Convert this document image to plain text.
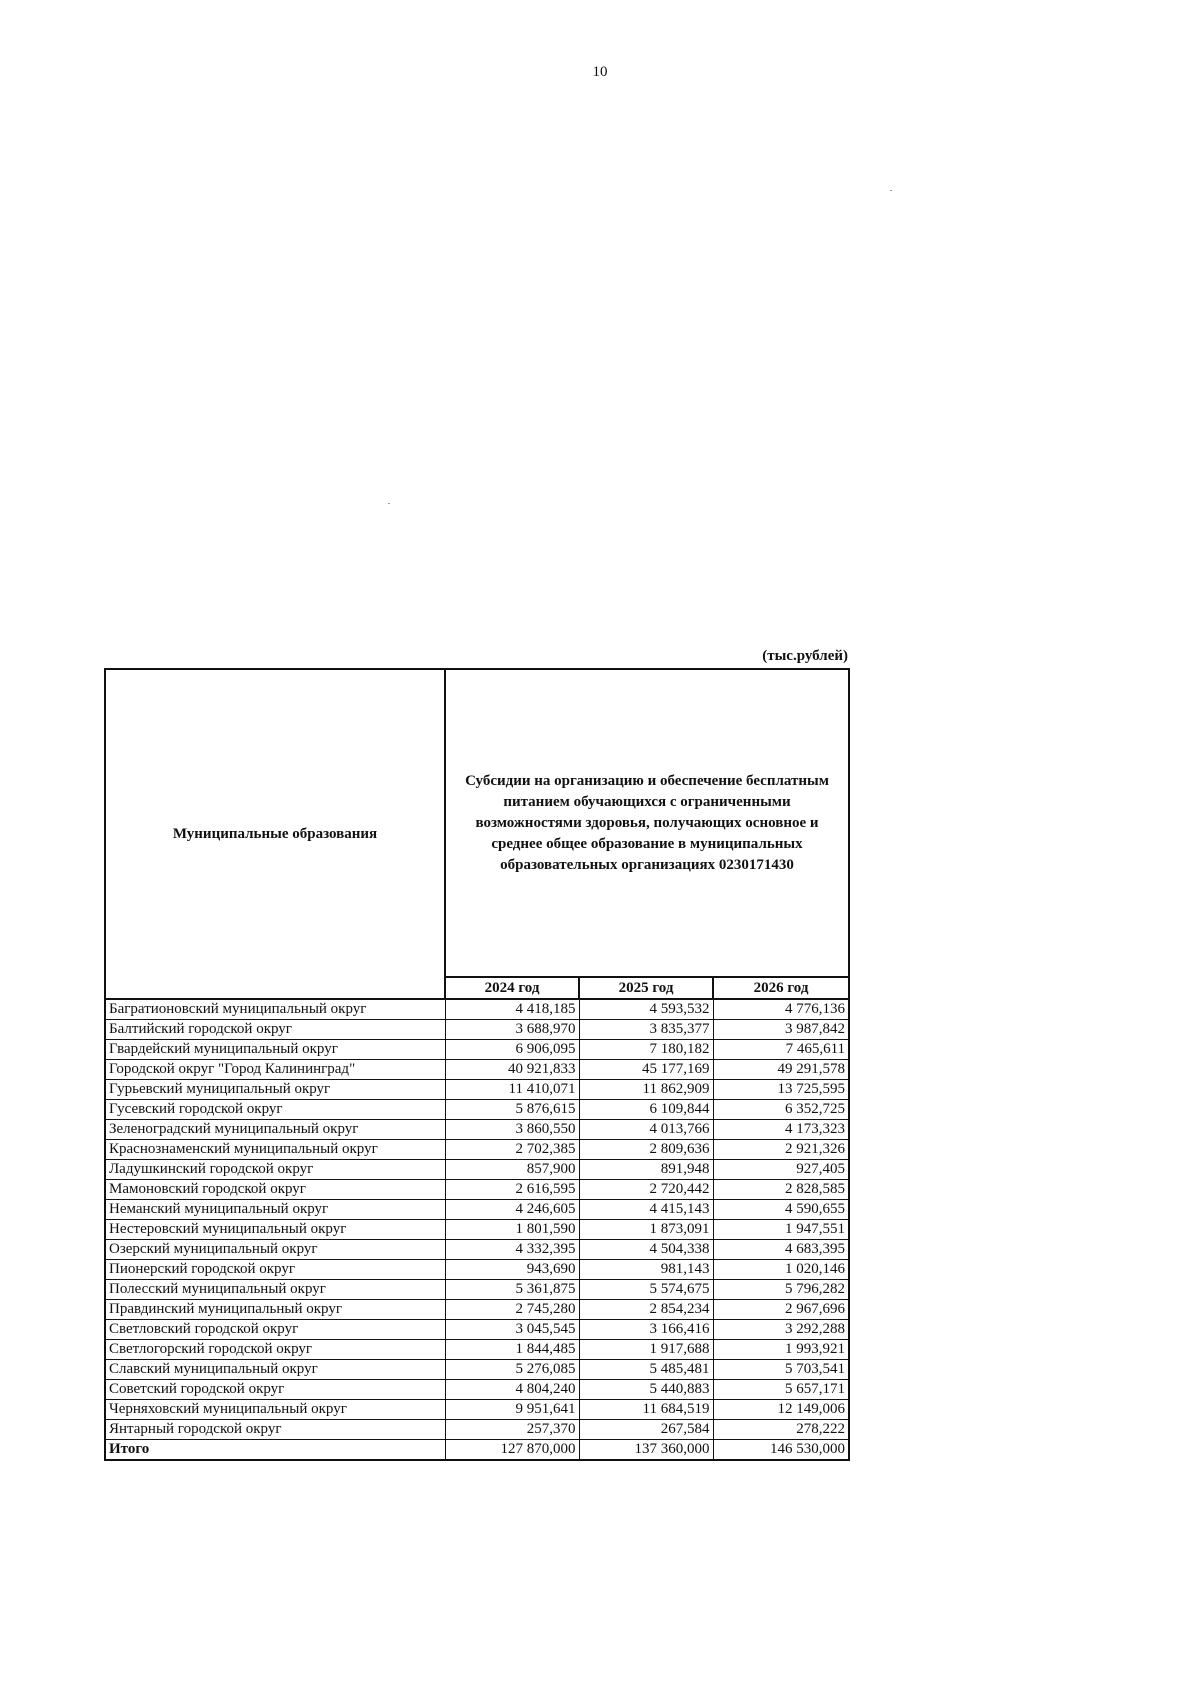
10
(тыс.рублей)
Муниципальные образования	Субсидии на организацию и обеспечение бесплатным питанием обучающихся с ограниченными возможностями здоровья, получающих основное и среднее общее образование в муниципальных образовательных организациях 0230171430		
	2024 год	2025 год	2026 год
Багратионовский муниципальный округ	4 418,185	4 593,532	4 776,136
Балтийский городской округ	3 688,970	3 835,377	3 987,842
Гвардейский муниципальный округ	6 906,095	7 180,182	7 465,611
Городской округ "Город Калининград"	40 921,833	45 177,169	49 291,578
Гурьевский муниципальный округ	11 410,071	11 862,909	13 725,595
Гусевский городской округ	5 876,615	6 109,844	6 352,725
Зеленоградский муниципальный округ	3 860,550	4 013,766	4 173,323
Краснознаменский муниципальный округ	2 702,385	2 809,636	2 921,326
Ладушкинский городской округ	857,900	891,948	927,405
Мамоновский городской округ	2 616,595	2 720,442	2 828,585
Неманский муниципальный округ	4 246,605	4 415,143	4 590,655
Нестеровский муниципальный округ	1 801,590	1 873,091	1 947,551
Озерский муниципальный округ	4 332,395	4 504,338	4 683,395
Пионерский городской округ	943,690	981,143	1 020,146
Полесский муниципальный округ	5 361,875	5 574,675	5 796,282
Правдинский муниципальный округ	2 745,280	2 854,234	2 967,696
Светловский городской округ	3 045,545	3 166,416	3 292,288
Светлогорский городской округ	1 844,485	1 917,688	1 993,921
Славский муниципальный округ	5 276,085	5 485,481	5 703,541
Советский городской округ	4 804,240	5 440,883	5 657,171
Черняховский муниципальный округ	9 951,641	11 684,519	12 149,006
Янтарный городской округ	257,370	267,584	278,222
Итого	127 870,000	137 360,000	146 530,000
